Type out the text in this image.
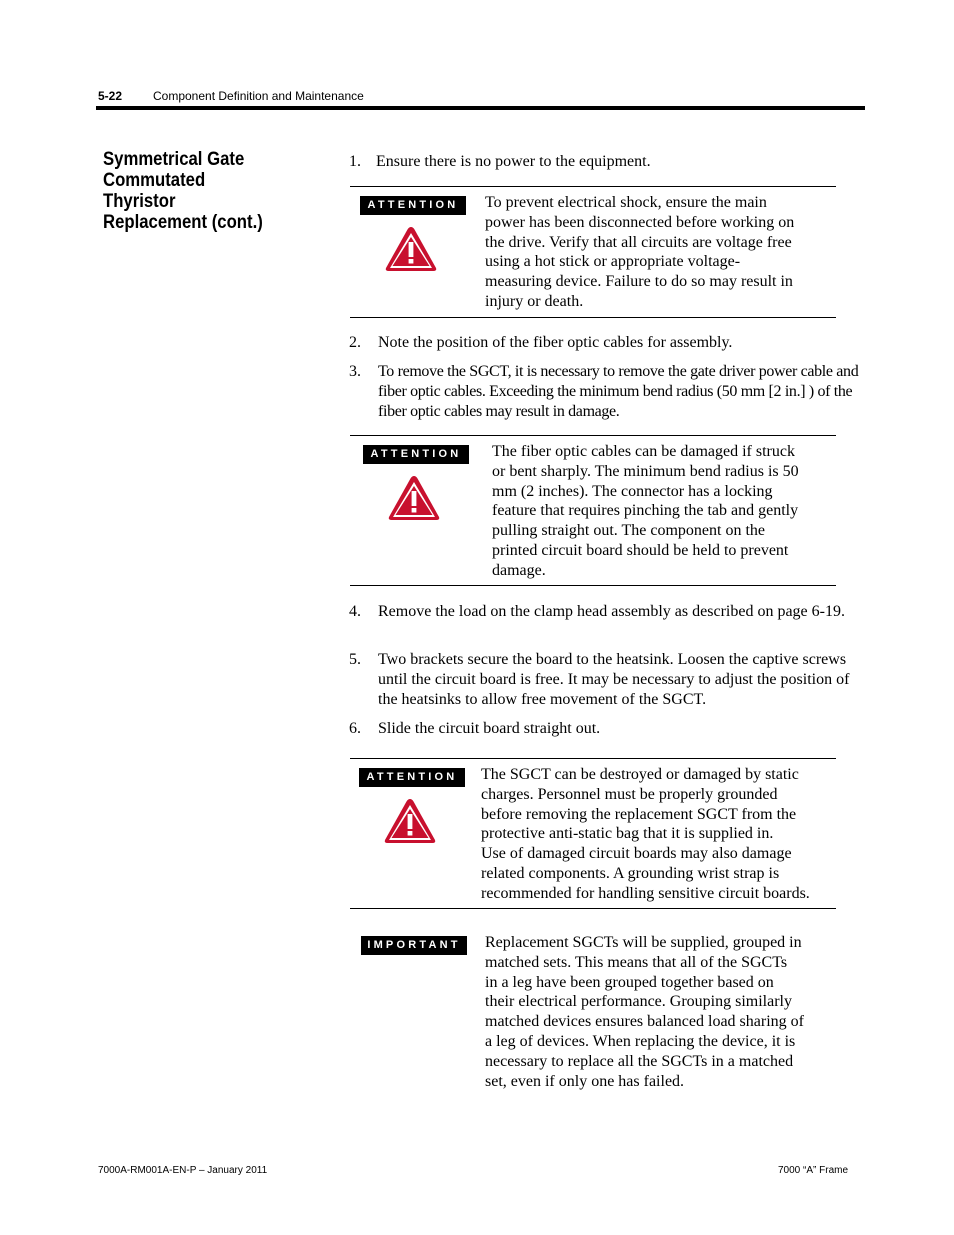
5-22	Component Definition and Maintenance
Symmetrical Gate
Commutated Thyristor
Replacement (cont.)
1. Ensure there is no power to the equipment.
ATTENTION	To prevent electrical shock, ensure the main
power has been disconnected before working on
the drive. Verify that all circuits are voltage free
using a hot stick or appropriate voltage-
measuring device. Failure to do so may result in
injury or death.
2. Note the position of the fiber optic cables for assembly.
3. To remove the SGCT, it is necessary to remove the gate driver power cable and fiber optic cables. Exceeding the minimum bend radius (50 mm [2 in.] ) of the fiber optic cables may result in damage.
ATTENTION	The fiber optic cables can be damaged if struck
or bent sharply. The minimum bend radius is 50
mm (2 inches). The connector has a locking
feature that requires pinching the tab and gently
pulling straight out. The component on the
printed circuit board should be held to prevent
damage.
4. Remove the load on the clamp head assembly as described on page 6-19.
5. Two brackets secure the board to the heatsink. Loosen the captive screws until the circuit board is free. It may be necessary to adjust the position of the heatsinks to allow free movement of the SGCT.
6. Slide the circuit board straight out.
ATTENTION	The SGCT can be destroyed or damaged by static
charges. Personnel must be properly grounded
before removing the replacement SGCT from the
protective anti-static bag that it is supplied in.
Use of damaged circuit boards may also damage
related components. A grounding wrist strap is
recommended for handling sensitive circuit boards.
IMPORTANT	Replacement SGCTs will be supplied, grouped in
matched sets. This means that all of the SGCTs
in a leg have been grouped together based on
their electrical performance. Grouping similarly
matched devices ensures balanced load sharing of
a leg of devices. When replacing the device, it is
necessary to replace all the SGCTs in a matched
set, even if only one has failed.
7000A-RM001A-EN-P – January 2011	7000 “A” Frame
